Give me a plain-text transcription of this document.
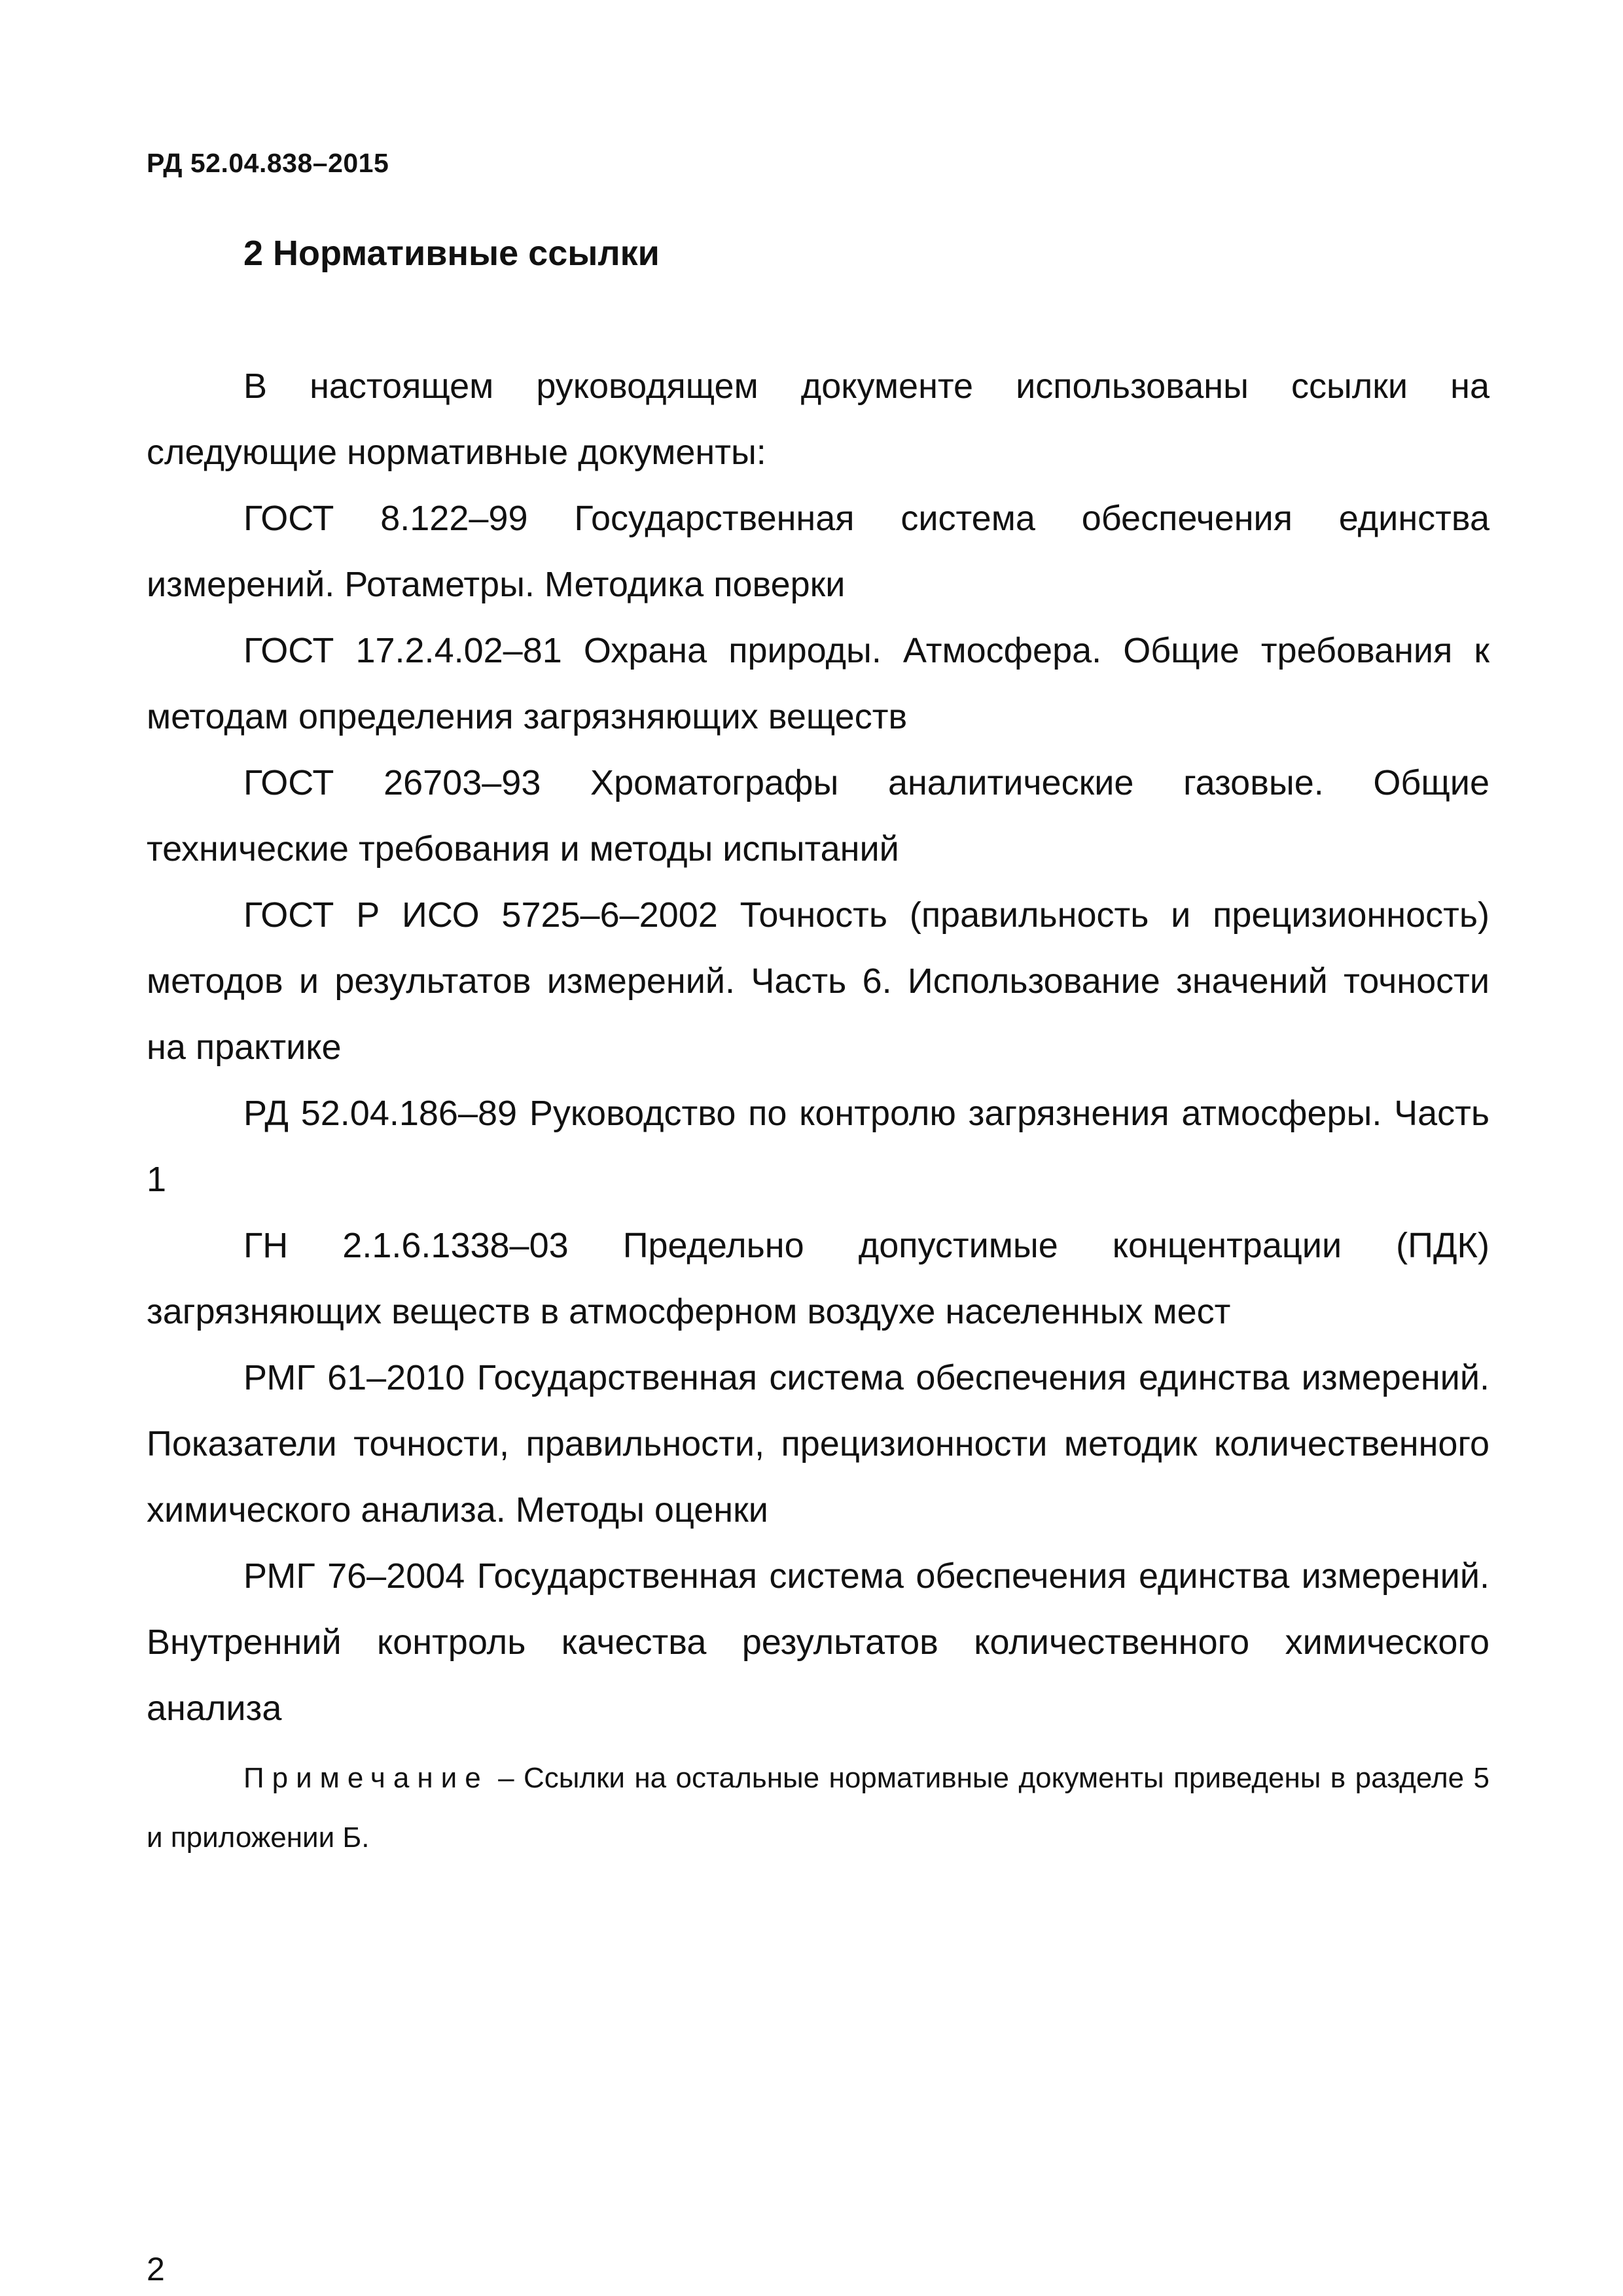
РД 52.04.838–2015
2 Нормативные ссылки

В настоящем руководящем документе использованы ссылки на следующие нормативные документы:

ГОСТ 8.122–99 Государственная система обеспечения единства измерений. Ротаметры. Методика поверки

ГОСТ 17.2.4.02–81 Охрана природы. Атмосфера. Общие требования к методам определения загрязняющих веществ

ГОСТ 26703–93 Хроматографы аналитические газовые. Общие технические требования и методы испытаний

ГОСТ Р ИСО 5725–6–2002 Точность (правильность и прецизионность) методов и результатов измерений. Часть 6. Использование значений точности на практике

РД 52.04.186–89 Руководство по контролю загрязнения атмосферы. Часть 1

ГН 2.1.6.1338–03 Предельно допустимые концентрации (ПДК) загрязняющих веществ в атмосферном воздухе населенных мест

РМГ 61–2010 Государственная система обеспечения единства измерений. Показатели точности, правильности, прецизионности методик количественного химического анализа. Методы оценки

РМГ 76–2004 Государственная система обеспечения единства измерений. Внутренний контроль качества результатов количественного химического анализа

Примечание – Ссылки на остальные нормативные документы приведены в разделе 5 и приложении Б.

2
